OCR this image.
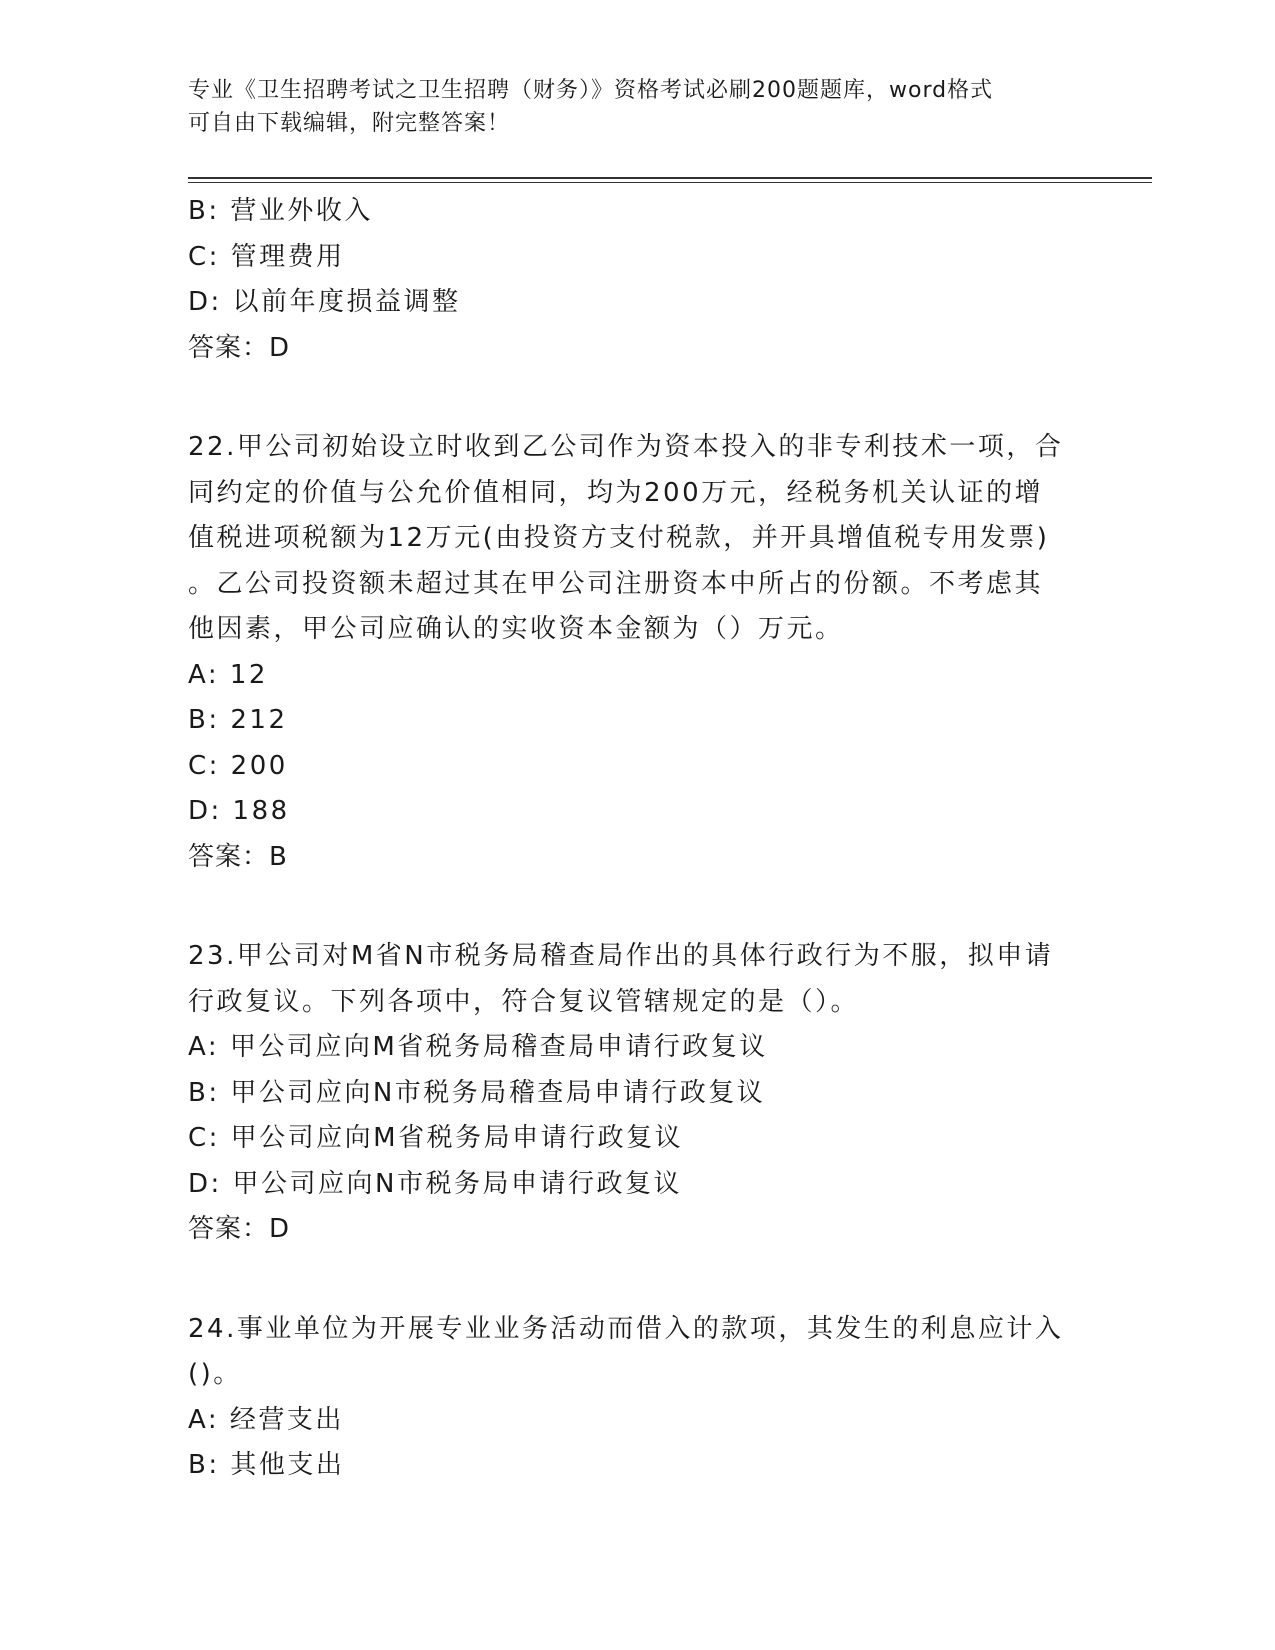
专业《卫生招聘考试之卫生招聘（财务）》资格考试必刷200题题库，word格式
可自由下载编辑，附完整答案！
B: 营业外收入
C: 管理费用
D: 以前年度损益调整
答案：D
22.甲公司初始设立时收到乙公司作为资本投入的非专利技术一项，合
同约定的价值与公允价值相同，均为200万元，经税务机关认证的增
值税进项税额为12万元(由投资方支付税款，并开具增值税专用发票)
。乙公司投资额未超过其在甲公司注册资本中所占的份额。不考虑其
他因素，甲公司应确认的实收资本金额为（）万元。
A: 12
B: 212
C: 200
D: 188
答案：B
23.甲公司对M省N市税务局稽查局作出的具体行政行为不服，拟申请
行政复议。下列各项中，符合复议管辖规定的是（）。
A: 甲公司应向M省税务局稽查局申请行政复议
B: 甲公司应向N市税务局稽查局申请行政复议
C: 甲公司应向M省税务局申请行政复议
D: 甲公司应向N市税务局申请行政复议
答案：D
24.事业单位为开展专业业务活动而借入的款项，其发生的利息应计入
()。
A: 经营支出
B: 其他支出
